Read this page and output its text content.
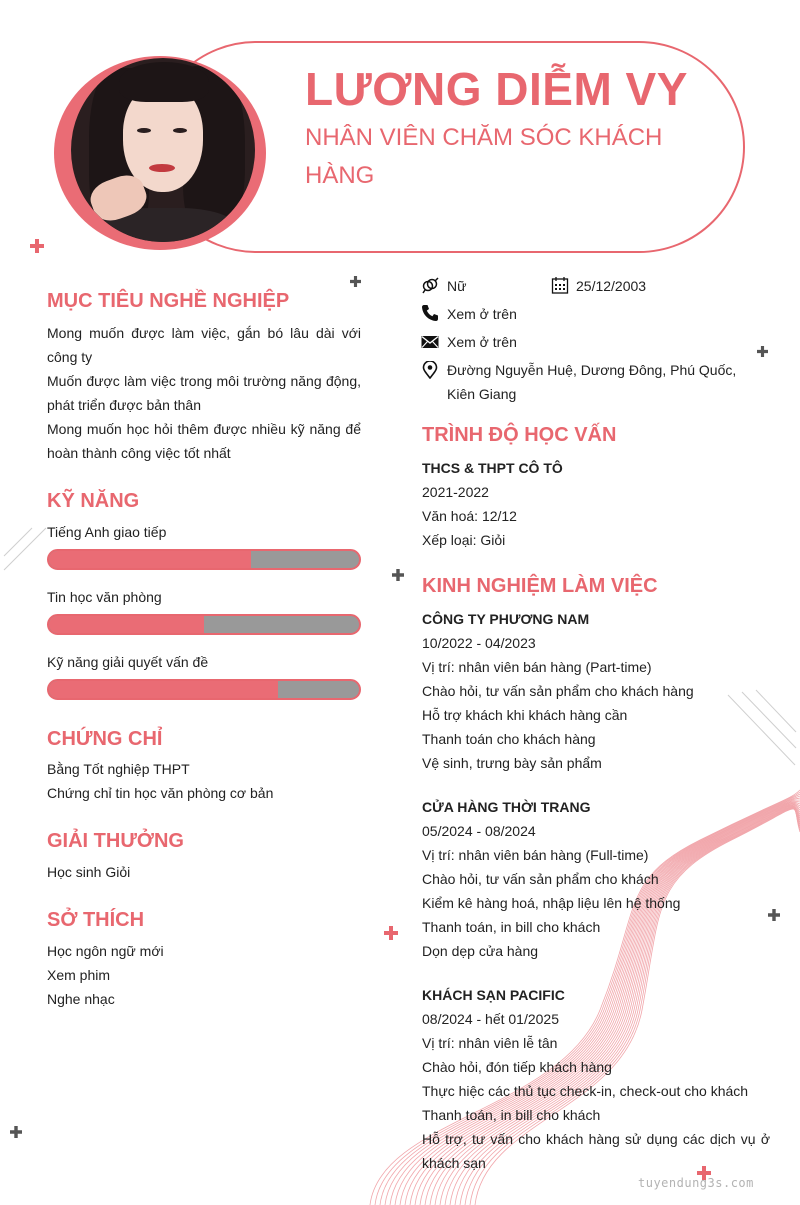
LƯƠNG DIỄM VY
NHÂN VIÊN CHĂM SÓC KHÁCH HÀNG
MỤC TIÊU NGHỀ NGHIỆP
Mong muốn được làm việc, gắn bó lâu dài với công ty
Muốn được làm việc trong môi trường năng động, phát triển được bản thân
Mong muốn học hỏi thêm được nhiều kỹ năng để hoàn thành công việc tốt nhất
KỸ NĂNG
Tiếng Anh giao tiếp
Tin học văn phòng
Kỹ năng giải quyết vấn đề
CHỨNG CHỈ
Bằng Tốt nghiệp THPT
Chứng chỉ tin học văn phòng cơ bản
GIẢI THƯỞNG
Học sinh Giỏi
SỞ THÍCH
Học ngôn ngữ mới
Xem phim
Nghe nhạc
Nữ	25/12/2003
Xem ở trên
Xem ở trên
Đường Nguyễn Huệ, Dương Đông, Phú Quốc, Kiên Giang
TRÌNH ĐỘ HỌC VẤN
THCS & THPT CÔ TÔ
2021-2022
Văn hoá: 12/12
Xếp loại: Giỏi
KINH NGHIỆM LÀM VIỆC
CÔNG TY PHƯƠNG NAM
10/2022 - 04/2023
Vị trí: nhân viên bán hàng (Part-time)
Chào hỏi, tư vấn sản phẩm cho khách hàng
Hỗ trợ khách khi khách hàng cần
Thanh toán cho khách hàng
Vệ sinh, trưng bày sản phẩm
CỬA HÀNG THỜI TRANG
05/2024 - 08/2024
Vị trí: nhân viên bán hàng (Full-time)
Chào hỏi, tư vấn sản phẩm cho khách
Kiểm kê hàng hoá, nhập liệu lên hệ thống
Thanh toán, in bill cho khách
Dọn dẹp cửa hàng
KHÁCH SẠN PACIFIC
08/2024 - hết 01/2025
Vị trí: nhân viên lễ tân
Chào hỏi, đón tiếp khách hàng
Thực hiệc các thủ tục check-in, check-out cho khách
Thanh toán, in bill cho khách
Hỗ trợ, tư vấn cho khách hàng sử dụng các dịch vụ ở khách sạn
tuyendung3s.com
